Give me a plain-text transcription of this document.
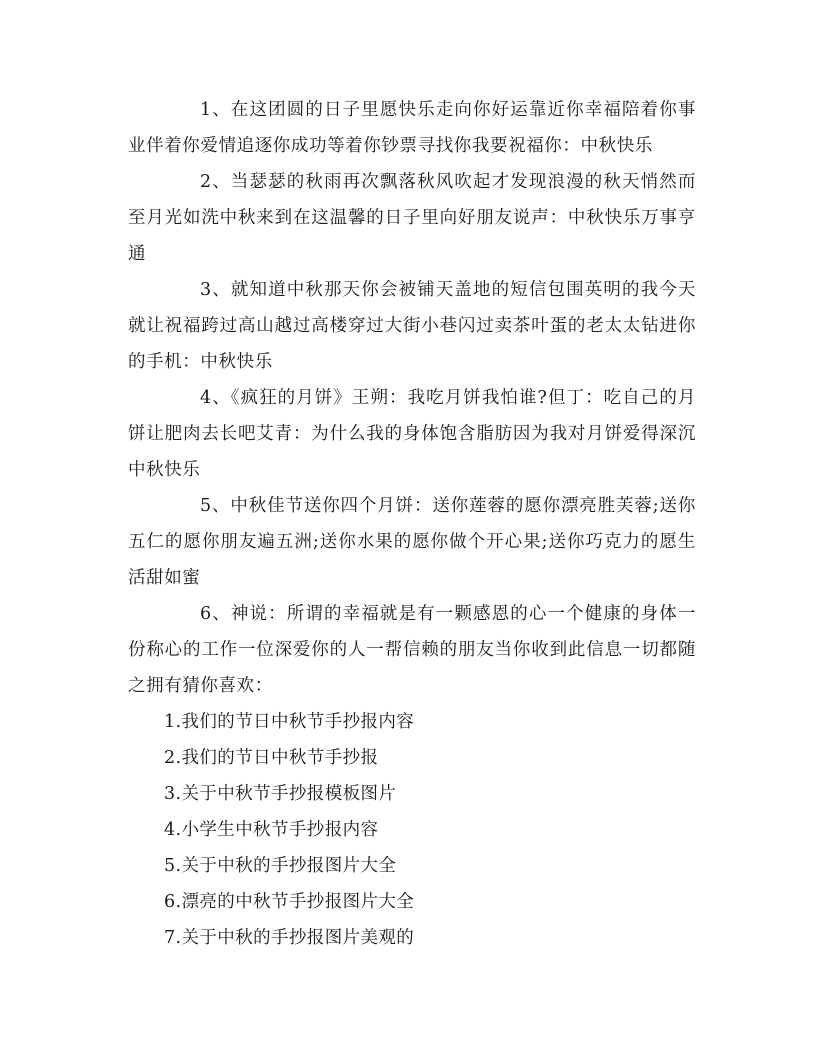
1、在这团圆的日子里愿快乐走向你好运靠近你幸福陪着你事业伴着你爱情追逐你成功等着你钞票寻找你我要祝福你：中秋快乐

2、当瑟瑟的秋雨再次飘落秋风吹起才发现浪漫的秋天悄然而至月光如洗中秋来到在这温馨的日子里向好朋友说声：中秋快乐万事亨通

3、就知道中秋那天你会被铺天盖地的短信包围英明的我今天就让祝福跨过高山越过高楼穿过大街小巷闪过卖茶叶蛋的老太太钻进你的手机：中秋快乐

4、《疯狂的月饼》王朔：我吃月饼我怕谁?但丁：吃自己的月饼让肥肉去长吧艾青：为什么我的身体饱含脂肪因为我对月饼爱得深沉中秋快乐

5、中秋佳节送你四个月饼：送你莲蓉的愿你漂亮胜芙蓉;送你五仁的愿你朋友遍五洲;送你水果的愿你做个开心果;送你巧克力的愿生活甜如蜜

6、神说：所谓的幸福就是有一颗感恩的心一个健康的身体一份称心的工作一位深爱你的人一帮信赖的朋友当你收到此信息一切都随之拥有猜你喜欢：

1.我们的节日中秋节手抄报内容
2.我们的节日中秋节手抄报
3.关于中秋节手抄报模板图片
4.小学生中秋节手抄报内容
5.关于中秋的手抄报图片大全
6.漂亮的中秋节手抄报图片大全
7.关于中秋的手抄报图片美观的
